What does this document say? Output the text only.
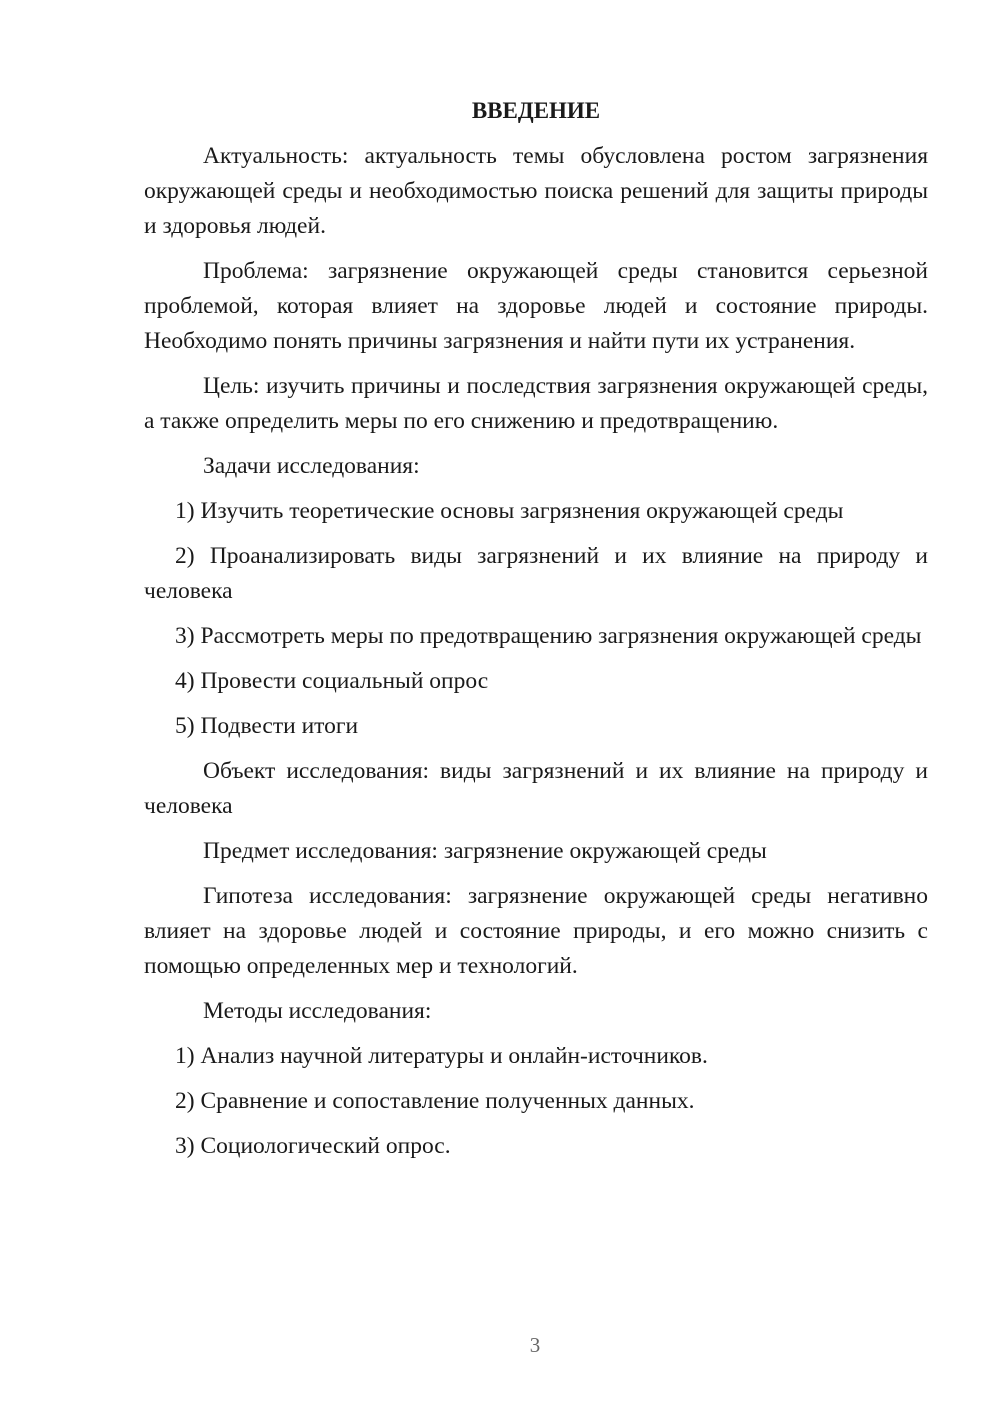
ВВЕДЕНИЕ

Актуальность: актуальность темы обусловлена ростом загрязнения окружающей среды и необходимостью поиска решений для защиты природы и здоровья людей.

Проблема: загрязнение окружающей среды становится серьезной проблемой, которая влияет на здоровье людей и состояние природы. Необходимо понять причины загрязнения и найти пути их устранения.

Цель: изучить причины и последствия загрязнения окружающей среды, а также определить меры по его снижению и предотвращению.

Задачи исследования:

1) Изучить теоретические основы загрязнения окружающей среды

2) Проанализировать виды загрязнений и их влияние на природу и человека

3) Рассмотреть меры по предотвращению загрязнения окружающей среды

4) Провести социальный опрос

5) Подвести итоги

Объект исследования: виды загрязнений и их влияние на природу и человека

Предмет исследования: загрязнение окружающей среды

Гипотеза исследования: загрязнение окружающей среды негативно влияет на здоровье людей и состояние природы, и его можно снизить с помощью определенных мер и технологий.

Методы исследования:

1) Анализ научной литературы и онлайн-источников.

2) Сравнение и сопоставление полученных данных.

3) Социологический опрос.

3
